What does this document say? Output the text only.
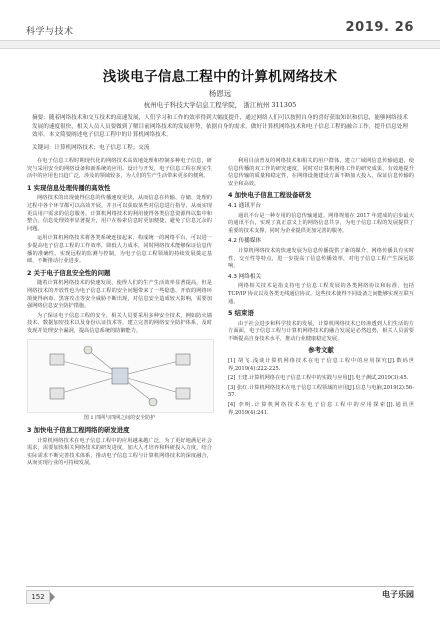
科学与技术	2019. 26
浅谈电子信息工程中的计算机网络技术
杨恩远
杭州电子科技大学信息工程学院， 浙江杭州 311305
摘要：随着网络技术和交互技术的高速发展，人们学习和工作的效率得到大幅度提升，通过网络人们可以按照自身的喜好获取知识和信息，能够网络技术发展的速度很快，相关人员人员要做到了解目前网络技术的发展形势，依据自身的需求，做好计算机网络技术和电子信息工程的融合工作，提升信息处理效率。本文简要阐述电子信息工程中的计算机网络技术。
关键词：计算机网络技术；电子信息工程；交流

在电子信息工程时期现代化的网络技术高效地处理和控制多种电子信息，研究与采用安全的网络设备和新系统的应用。设计与开发，电子信息工程在现实生活中的应用也日趋广泛，涉及的领域较多，为人们的生产生活带来更多的便利。

1 实现信息处理传播的高效性

网络技术的出现使得信息的传播速度更快，从而信息在传输、存储、处理的过程中各个环节都可以高效开展。并且可以获取某些对信息进行指导，从而实现更具用户需求的信息服务。计算机网络技术的利用使得各类信息资源得以集中和整合，信息处理效率显著提升，用户在检索信息时更加便捷，避免了信息冗余的问题。

运用计算机网络技术将各类系统连接起来，构成统一的网络平台，可以进一步提高电子信息工程的工作效率，降低人力成本，同时网络技术能够保证信息传播的准确性。实现远程的监测与控制，为电子信息工程领域的持续发展奠定基础，不断推动行业进步。

2 关于电子信息安全性的问题

随着计算机网络技术的快速发展，使得人们的生产生活效率显著提高，但是网络技术的开放性也为电子信息工程的安全问题带来了一些隐患，开放的网络环境使得病毒、黑客攻击等安全威胁不断出现，对信息安全造成较大影响，需要加强网络信息安全防护措施。

为了保证电子信息工程的安全，相关人员要采用多种安全技术，例如防火墙技术、数据加密技术以及身份认证技术等，建立完善的网络安全防护体系，及时发现并处理安全漏洞，提高信息系统的防御能力。

图 1 四网与四网之间的安全防护
3 加快电子信息工程网络的研发进度

计算机网络技术在电子信息工程中的应用越来越广泛，为了更好地满足社会需求，需要加快相关网络技术的研发进度，加大人才培养和科研投入力度，结合实际需求不断完善技术体系，推动电子信息工程与计算机网络技术的深度融合，从而实现行业的可持续发展。

利用目前普及的网络技术和相关的用户群体，建立广域网信息传输通道，使信息传播的双工作的研究速度，同时对计算机网络工作的研究成果，有效地提升信息传输的质量和稳定性，在网络设施建设方面不断加大投入，保证信息传输的安全和高效。

4 加快电子信息工程设备研发
4.1 通讯平台

通讯平台是一种专用的信息传输通道。网络规划在 2017 年建成的启步最大的通讯平台，实现了真正意义上的网络信息共享，为电子信息工程的发展提供了重要的技术支撑，同时为企业提供更加完善的服务。

4.2 传播媒体

计算机网络技术的快速发展为信息传播提供了新的媒介，网络传播具有实时性、交互性等特点，进一步提高了信息传播效率，对电子信息工程产生深远影响。

4.3 网络相关

网络相关技术是指支持电子信息工程发展的各类网络协议和标准，包括 TCP/IP 协议以及各类无线通信协议，这些技术使得不同设备之间能够实现互联互通。

5 结束语

由于社会进步和科学技术的发展，计算机网络技术已经渗透到人们生活的方方面面，电子信息工程与计算机网络技术的融合发展是必然趋势，相关人员需要不断提高自身技术水平，推动行业健康稳定发展。

参考文献
[1] 胡飞.浅谈计算机网络技术在电子信息工程中的应用探究[J].数码世界,2019(4):222-225.
[2] 王建.计算机网络在电子信息工程中的实践与应用[J].电子测试,2019(3):45.
[3] 张红.计算机网络技术在电子信息工程领域的应用[J].信息与电脑,2019(2):56-57.
[4] 李明.计算机网络技术在电子信息工程中的应用探索[J].通讯世界,2019(4):241.
152	电子乐园
